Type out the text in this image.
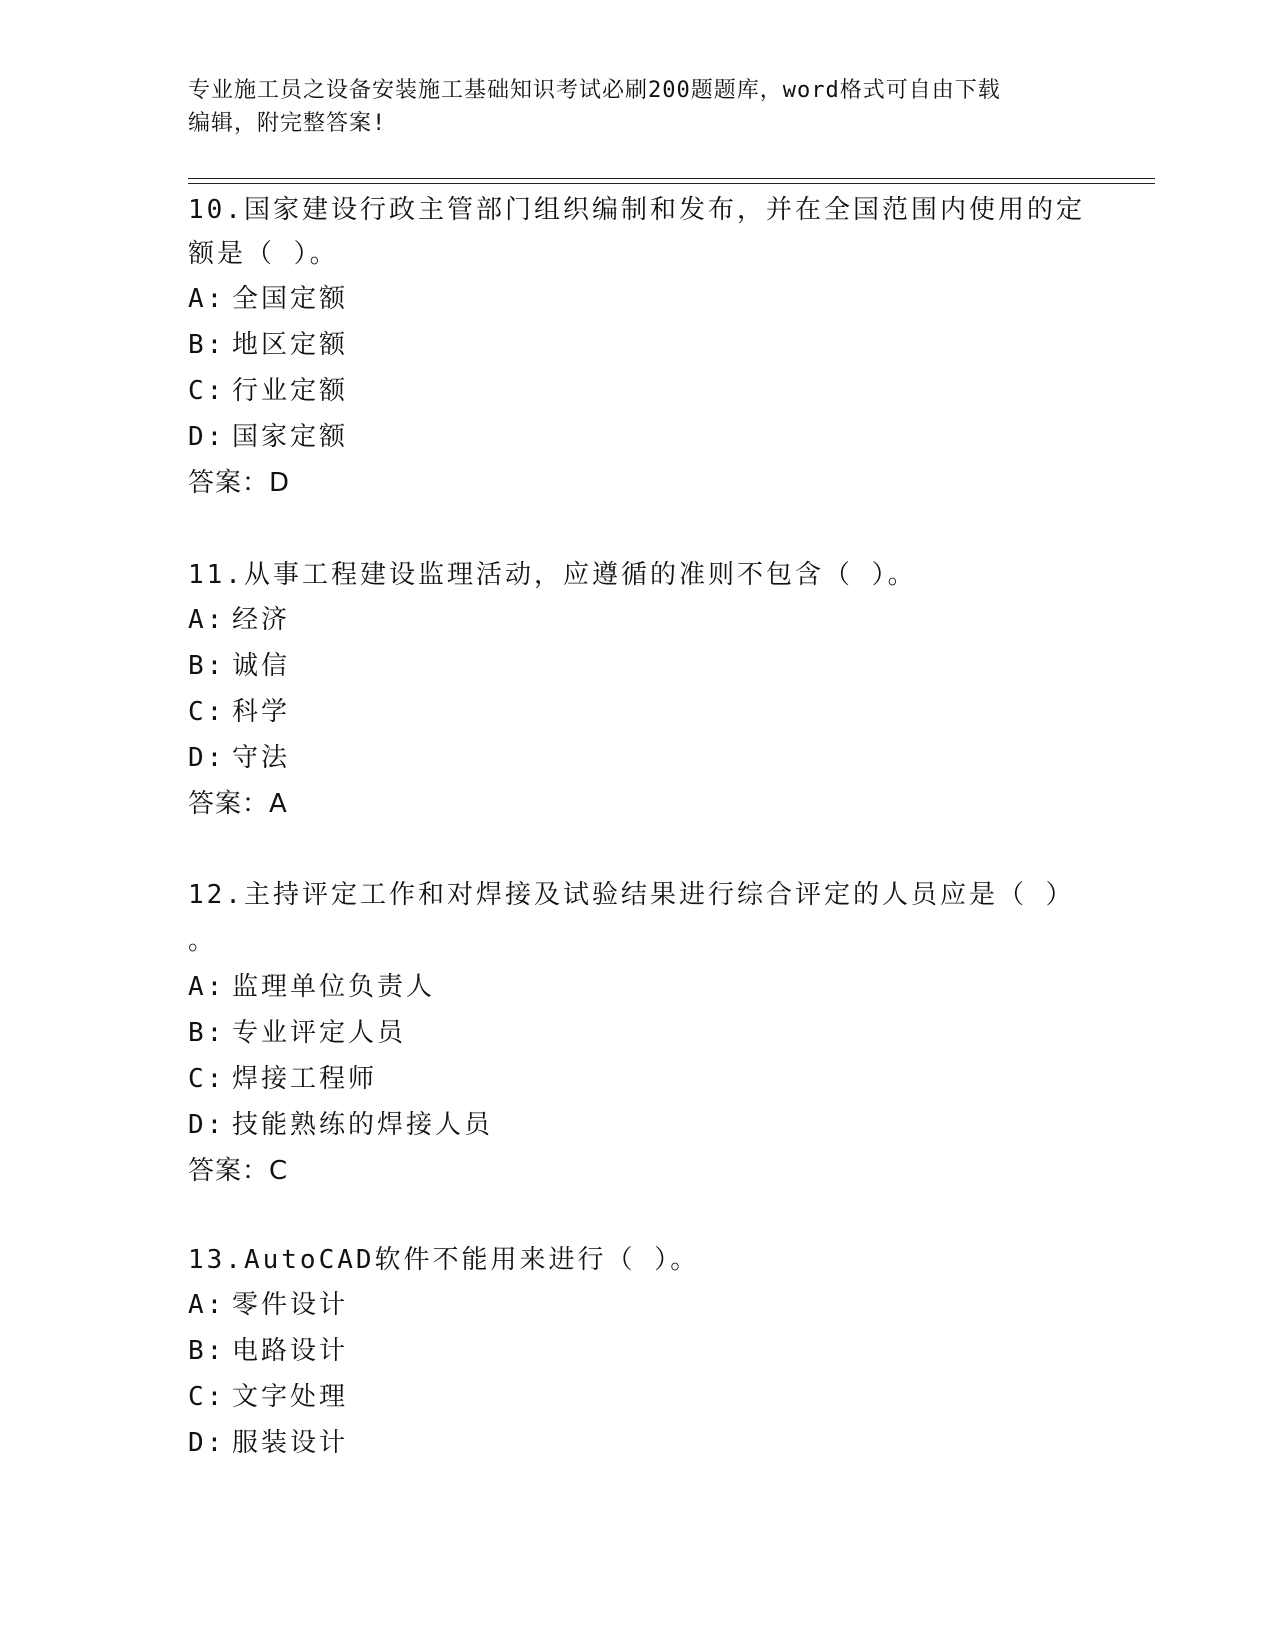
专业施工员之设备安装施工基础知识考试必刷200题题库，word格式可自由下载
编辑，附完整答案!
10.国家建设行政主管部门组织编制和发布，并在全国范围内使用的定
额是（ ）。
A: 全国定额
B: 地区定额
C: 行业定额
D: 国家定额
答案：D
11.从事工程建设监理活动，应遵循的准则不包含（ ）。
A: 经济
B: 诚信
C: 科学
D: 守法
答案：A
12.主持评定工作和对焊接及试验结果进行综合评定的人员应是（ ）
。
A: 监理单位负责人
B: 专业评定人员
C: 焊接工程师
D: 技能熟练的焊接人员
答案：C
13.AutoCAD软件不能用来进行（ ）。
A: 零件设计
B: 电路设计
C: 文字处理
D: 服装设计
